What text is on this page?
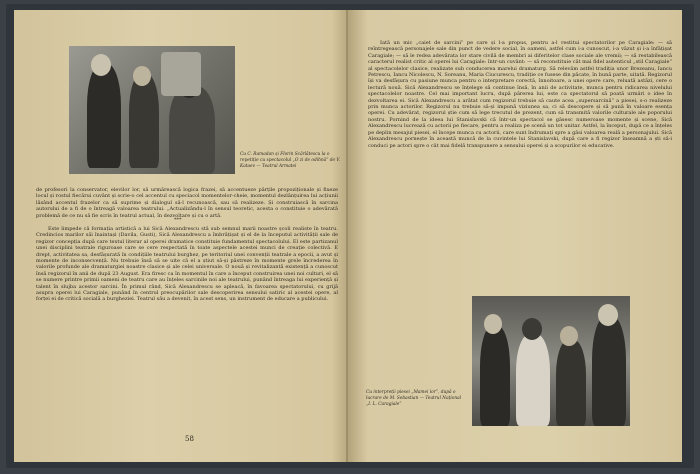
Cu C. Ramadan și Florin Scărlătescu la o repetiție cu spectacolul „O zi de odihnă” de V. Kataev — Teatrul Armatei

de profesori la conservator, elevilor lor, să urmărească logica frazei, să accentueze părțile propoziționale și fixeze locul și rostul fiecărui cuvânt și scrie-o cel accentul cu speciacol momentelor-cheie, momentul dezlănțuirea lui acțiunii lăsând accentul frazelor ca să suprime și dialogul să-l recunoască, sau să realizeze. Și construiască în sarcina autorului de a fi de o întreagă valoarea teatrului. „Actualizându-l în sensul teoretic, acesta o constituie o adevărată problemă de ce nu să fie scris în teatrul actual, în dezvoltare și cu o artă.

***

Este limpede că formația artistică a lui Sică Alexandrescu stă sub semnul marii noastre școli realiste în teatru. Credincios marilor săi înaintași (Davila, Gusti), Sică Alexandrescu a îmbrățișat și el de la începutul activității sale de regizor concepția după care textul literar al operei dramatice constituie fundamentul spectacolului. El este partizanul unei disciplini teatrale riguroase care se cere respectată în toate aspectele acestei munci de creație colectivă. E drept, activitatea sa, desfășurată în condițiile teatrului burghez, pe teritoriul unei convenții teatrale a epocii, a avut și momente de inconsecvență. Nu trebuie însă să se uite că el a știut să-și păstreze în momente grele încrederea în valorile profunde ale dramaturgiei noastre clasice și ale celei universale. O nouă și revitalizantă existență a cunoscut însă regizorul în anii de după 23 August. Era firesc ca în momentul în care a început construirea unei noi culturi, el să se numere printre primii oameni de teatru care au înțeles sarcinile noi ale teatrului, punând întreaga lui experiență și talent în slujba acestor sarcini. În primul rând, Sică Alexandrescu se apleacă, în favoarea spectatorului, cu grijă asupra operei lui Caragiale, punând în centrul preocupărilor sale descoperirea sensului satiric al acestei opere, al forței ei de critică socială a burgheziei. Teatrul său a devenit, în acest sens, un instrument de educare a publicului.

58

Iată un mic „caiet de sarcini” pe care și l-a propus, pentru a-l restitui spectatorilor pe Caragiale: — să reîntregească personajele sale din punct de vedere social, în oameni, astfel cum i-a cunoscut, i-a văzut și i-a înfățișat Caragiale; — să le redea adevărata lor stare civilă de membri ai diferitelor clase sociale ale vremii; — să restabilească caracterul realist critic al operei lui Caragiale: într-un cuvânt: — să reconstituie cât mai fidel autenticul „stil Caragiale” al spectacolelor clasice, realizate sub conducerea marelui dramaturg. Să relevăm astfel tradiția unor Brezeanu, Iancu Petrescu, Iancu Nicolescu, N. Soreanu, Maria Ciucurescu, tradiție ce fusese din păcate, în bună parte, uitată. Regizorul își va desfășura cu pasiune munca pentru o interpretare corectă, înnoitoare, a unei opere care, reluată astăzi, cere o lectură nouă. Sică Alexandrescu se înțelege să continue însă, în anii de activitate, munca pentru ridicarea nivelului spectacolelor noastre. Cel mai important lucru, după părerea lui, este ca spectatorul să poată urmări o idee în dezvoltarea ei. Sică Alexandrescu a arătat cum regizorul trebuie să caute acea „supersarcină” a piesei, s-o realizeze prin munca actorilor. Regizorul nu trebuie să-și impună viziunea sa, ci să descopere și să pună în valoare esența operei. Cu adevărat, regizorul știe cum să lege trecutul de prezent, cum să transmită valorile culturale ale poporului nostru. Pornind de la ideea lui Stanislavski că într-un spectacol se găsesc numeroase momente și scene, Sică Alexandrescu lucrează cu actorii pe fiecare, pentru a realiza pe scenă un tot unitar. Astfel, la început, după ce a înțeles pe deplin mesajul piesei, el începe munca cu actorii, care sunt îndrumați spre a găsi valoarea reală a personajului. Sică Alexandrescu pornește în această muncă de la cuvintele lui Stanislavski, după care a fi regizor înseamnă a ști să-i conduci pe actori spre o cât mai fidelă transpunere a sensului operei și a scopurilor ei educative.

Cu interpreții piesei „Mamei lor”, după o lucrare de M. Sebastian — Teatrul Național „I. L. Caragiale”
